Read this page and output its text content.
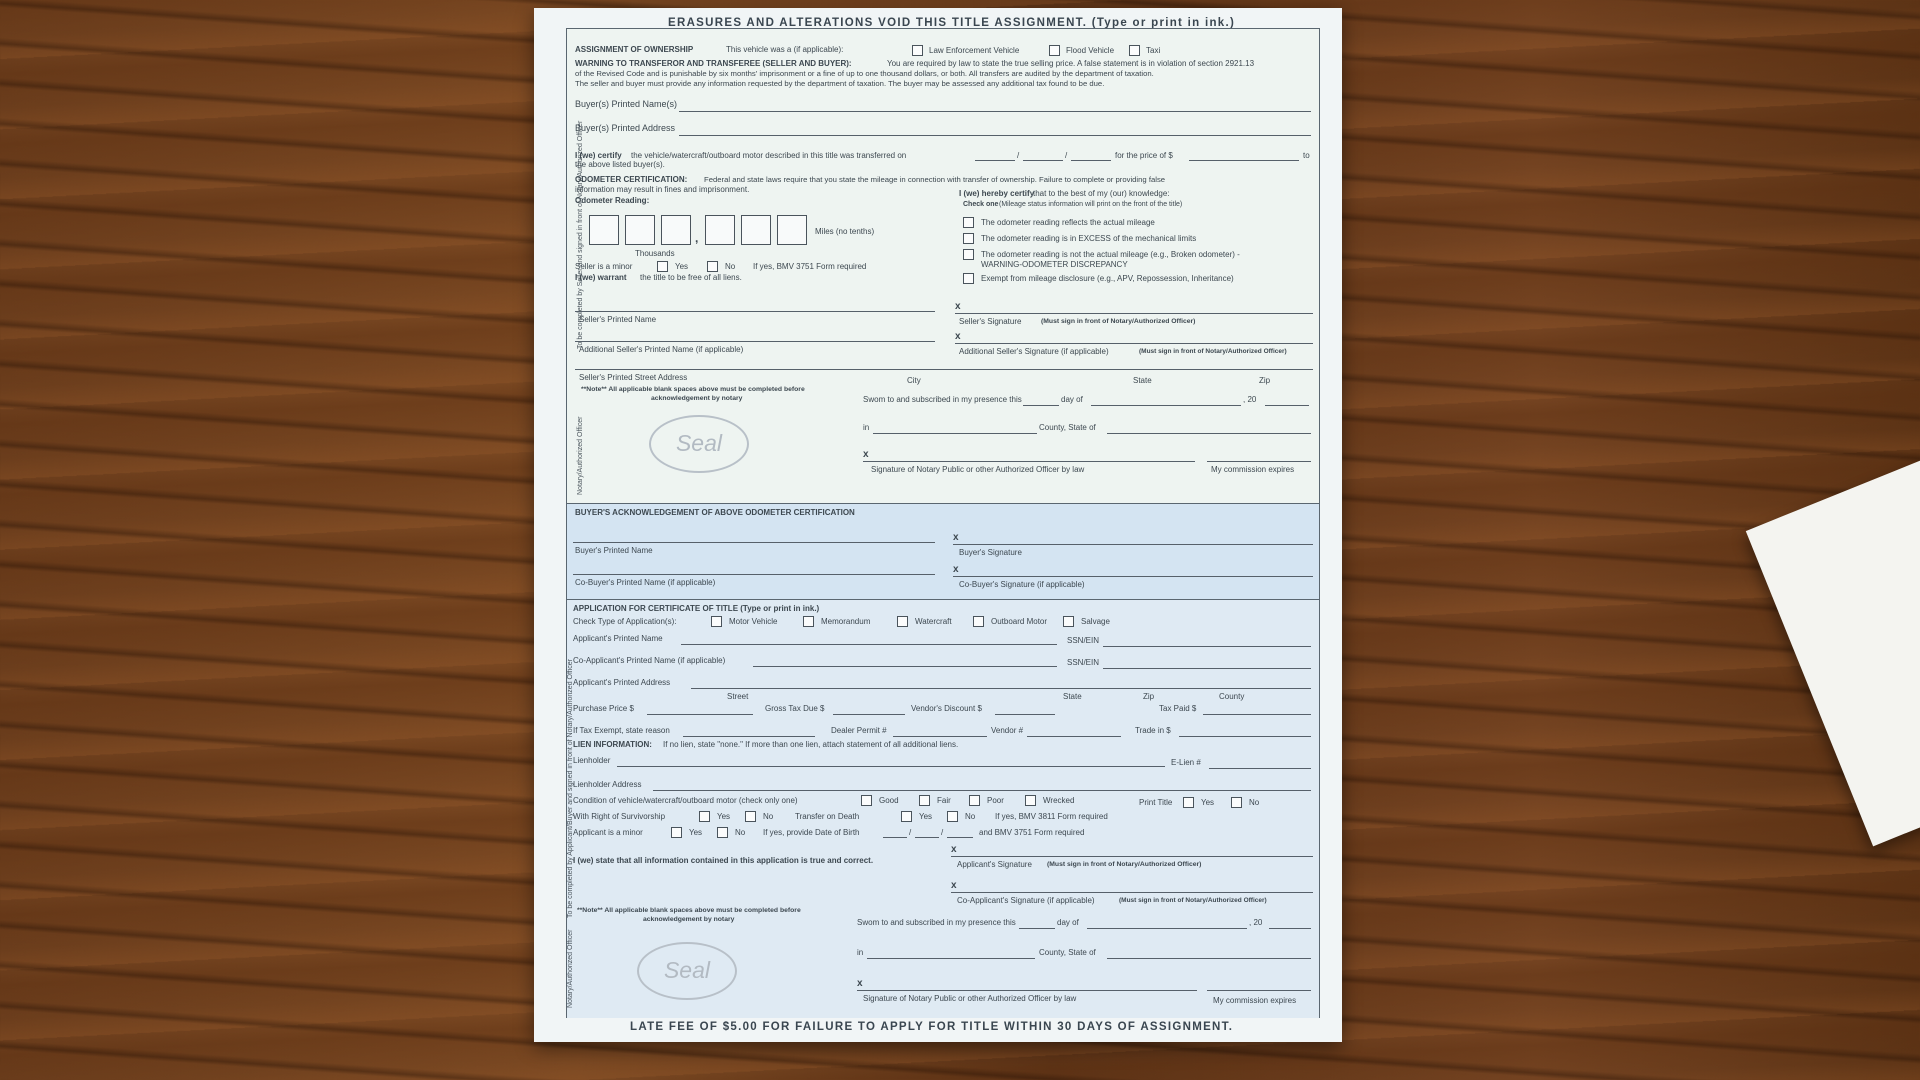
ERASURES AND ALTERATIONS VOID THIS TITLE ASSIGNMENT. (Type or print in ink.)
To be completed by Seller and signed in front of Notary/Authorized Officer
Notary/Authorized Officer
ASSIGNMENT OF OWNERSHIP	This vehicle was a (if applicable):	Law Enforcement Vehicle	Flood Vehicle	Taxi
WARNING TO TRANSFEROR AND TRANSFEREE (SELLER AND BUYER):	You are required by law to state the true selling price. A false statement is in violation of section 2921.13
of the Revised Code and is punishable by six months' imprisonment or a fine of up to one thousand dollars, or both. All transfers are audited by the department of taxation.
The seller and buyer must provide any information requested by the department of taxation. The buyer may be assessed any additional tax found to be due.
Buyer(s) Printed Name(s)
Buyer(s) Printed Address
I (we) certify the vehicle/watercraft/outboard motor described in this title was transferred on	/	/	for the price of $	to
the above listed buyer(s).
ODOMETER CERTIFICATION: Federal and state laws require that you state the mileage in connection with transfer of ownership. Failure to complete or providing false
information may result in fines and imprisonment.
Odometer Reading:
,	Miles (no tenths)
Thousands
I (we) hereby certify
that to the best of my (our) knowledge:
Check one (Mileage status information will print on the front of the title)
The odometer reading reflects the actual mileage
The odometer reading is in EXCESS of the mechanical limits
The odometer reading is not the actual mileage (e.g., Broken odometer) -
WARNING-ODOMETER DISCREPANCY
Exempt from mileage disclosure (e.g., APV, Repossession, Inheritance)
Seller is a minor	Yes	No If yes, BMV 3751 Form required
I (we) warrant the title to be free of all liens.
Seller's Printed Name
x
Seller's Signature	(Must sign in front of Notary/Authorized Officer)
Additional Seller's Printed Name (if applicable)
x
Additional Seller's Signature (if applicable)	(Must sign in front of Notary/Authorized Officer)
Seller's Printed Street Address	City	State	Zip
**Note** All applicable blank spaces above must be completed before
acknowledgement by notary
Seal
Swom to and subscribed in my presence this	day of	, 20
in	County, State of
x
Signature of Notary Public or other Authorized Officer by law	My commission expires
BUYER'S ACKNOWLEDGEMENT OF ABOVE ODOMETER CERTIFICATION
Buyer's Printed Name
x
Buyer's Signature
Co-Buyer's Printed Name (if applicable)
x
Co-Buyer's Signature (if applicable)
To be completed by Applicant/Buyer and signed in front of Notary/Authorized Officer
Notary/Authorized Officer
APPLICATION FOR CERTIFICATE OF TITLE (Type or print in ink.)
Check Type of Application(s):	Motor Vehicle	Memorandum	Watercraft	Outboard Motor	Salvage
Applicant's Printed Name	SSN/EIN
Co-Applicant's Printed Name (if applicable)	SSN/EIN
Applicant's Printed Address
Street	State	Zip	County
Purchase Price $	Gross Tax Due $	Vendor's Discount $	Tax Paid $
If Tax Exempt, state reason	Dealer Permit #	Vendor #	Trade in $
LIEN INFORMATION: If no lien, state "none." If more than one lien, attach statement of all additional liens.
Lienholder	E-Lien #
Lienholder Address
Condition of vehicle/watercraft/outboard motor (check only one)	Good	Fair	Poor	Wrecked	Print Title	Yes	No
With Right of Survivorship	Yes	No	Transfer on Death	Yes	No If yes, BMV 3811 Form required
Applicant is a minor	Yes	No If yes, provide Date of Birth	/	/	and BMV 3751 Form required
I (we) state that all information contained in this application is true and correct.
x
Applicant's Signature (Must sign in front of Notary/Authorized Officer)
x
Co-Applicant's Signature (if applicable)	(Must sign in front of Notary/Authorized Officer)
**Note** All applicable blank spaces above must be completed before
acknowledgement by notary
Seal
Swom to and subscribed in my presence this	day of	, 20
in	County, State of
x
Signature of Notary Public or other Authorized Officer by law	My commission expires
LATE FEE OF $5.00 FOR FAILURE TO APPLY FOR TITLE WITHIN 30 DAYS OF ASSIGNMENT.
